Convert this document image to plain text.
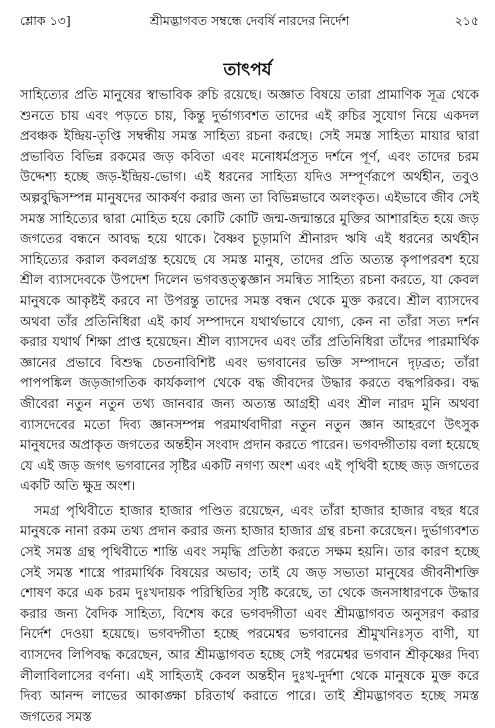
শ্লোক ১৩]	শ্রীমদ্ভাগবত সম্বন্ধে দেবর্ষি নারদের নির্দেশ	২১৫
তাৎপর্য

সাহিত্যের প্রতি মানুষের স্বাভাবিক রুচি রয়েছে। অজ্ঞাত বিষয়ে তারা প্রামাণিক সূত্র থেকে শুনতে চায় এবং পড়তে চায়, কিন্তু দুর্ভাগ্যবশত তাদের এই রুচির সুযোগ নিয়ে একদল প্রবঞ্চক ইন্দ্রিয়-তৃপ্তি সম্বন্ধীয় সমস্ত সাহিত্য রচনা করছে। সেই সমস্ত সাহিত্য মায়ার দ্বারা প্রভাবিত বিভিন্ন রকমের জড় কবিতা এবং মনোধর্মপ্রসূত দর্শনে পূর্ণ, এবং তাদের চরম উদ্দেশ্য হচ্ছে জড়-ইন্দ্রিয়-ভোগ। এই ধরনের সাহিত্য যদিও সম্পূর্ণরূপে অর্থহীন, তবুও অল্পবুদ্ধিসম্পন্ন মানুষদের আকর্ষণ করার জন্য তা বিভিন্নভাবে অলংকৃত। এইভাবে জীব সেই সমস্ত সাহিত্যের দ্বারা মোহিত হয়ে কোটি কোটি জন্ম-জন্মান্তরে মুক্তির আশারহিত হয়ে জড় জগতের বন্ধনে আবদ্ধ হয়ে থাকে। বৈষ্ণব চূড়ামণি শ্রীনারদ ঋষি এই ধরনের অর্থহীন সাহিত্যের করাল কবলগ্রস্ত হয়েছে যে সমস্ত মানুষ, তাদের প্রতি অত্যন্ত কৃপাপরবশ হয়ে শ্রীল ব্যাসদেবকে উপদেশ দিলেন ভগবত্তত্ত্বজ্ঞান সমন্বিত সাহিত্য রচনা করতে, যা কেবল মানুষকে আকৃষ্টই করবে না উপরন্তু তাদের সমস্ত বন্ধন থেকে মুক্ত করবে। শ্রীল ব্যাসদেব অথবা তাঁর প্রতিনিধিরা এই কার্য সম্পাদনে যথার্থভাবে যোগ্য, কেন না তাঁরা সত্য দর্শন করার যথার্থ শিক্ষা প্রাপ্ত হয়েছেন। শ্রীল ব্যাসদেব এবং তাঁর প্রতিনিধিরা তাঁদের পারমার্থিক জ্ঞানের প্রভাবে বিশুদ্ধ চেতনাবিশিষ্ট এবং ভগবানের ভক্তি সম্পাদনে দৃঢ়ব্রত; তাঁরা পাপপঙ্কিল জড়জাগতিক কার্যকলাপ থেকে বদ্ধ জীবদের উদ্ধার করতে বদ্ধপরিকর। বদ্ধ জীবেরা নতুন নতুন তথ্য জানবার জন্য অত্যন্ত আগ্রহী এবং শ্রীল নারদ মুনি অথবা ব্যাসদেবের মতো দিব্য জ্ঞানসম্পন্ন পরমার্থবাদীরা নতুন নতুন জ্ঞান আহরণে উৎসুক মানুষদের অপ্রাকৃত জগতের অন্তহীন সংবাদ প্রদান করতে পারেন। ভগবদ্গীতায় বলা হয়েছে যে এই জড় জগৎ ভগবানের সৃষ্টির একটি নগণ্য অংশ এবং এই পৃথিবী হচ্ছে জড় জগতের একটি অতি ক্ষুদ্র অংশ।

সমগ্র পৃথিবীতে হাজার হাজার পণ্ডিত রয়েছেন, এবং তাঁরা হাজার হাজার বছর ধরে মানুষকে নানা রকম তথ্য প্রদান করার জন্য হাজার হাজার গ্রন্থ রচনা করেছেন। দুর্ভাগ্যবশত সেই সমস্ত গ্রন্থ পৃথিবীতে শান্তি এবং সমৃদ্ধি প্রতিষ্ঠা করতে সক্ষম হয়নি। তার কারণ হচ্ছে সেই সমস্ত শাস্ত্রে পারমার্থিক বিষয়ের অভাব; তাই যে জড় সভ্যতা মানুষের জীবনীশক্তি শোষণ করে এক চরম দুঃখদায়ক পরিস্থিতির সৃষ্টি করেছে, তা থেকে জনসাধারণকে উদ্ধার করার জন্য বৈদিক সাহিত্য, বিশেষ করে ভগবদ্গীতা এবং শ্রীমদ্ভাগবত অনুসরণ করার নির্দেশ দেওয়া হয়েছে। ভগবদ্গীতা হচ্ছে পরমেশ্বর ভগবানের শ্রীমুখনিঃসৃত বাণী, যা ব্যাসদেব লিপিবদ্ধ করেছেন, আর শ্রীমদ্ভাগবত হচ্ছে সেই পরমেশ্বর ভগবান শ্রীকৃষ্ণের দিব্য লীলাবিলাসের বর্ণনা। এই সাহিত্যই কেবল অন্তহীন দুঃখ-দুর্দশা থেকে মানুষকে মুক্ত করে দিব্য আনন্দ লাভের আকাঙ্ক্ষা চরিতার্থ করাতে পারে। তাই শ্রীমদ্ভাগবত হচ্ছে সমস্ত জগতের সমস্ত
